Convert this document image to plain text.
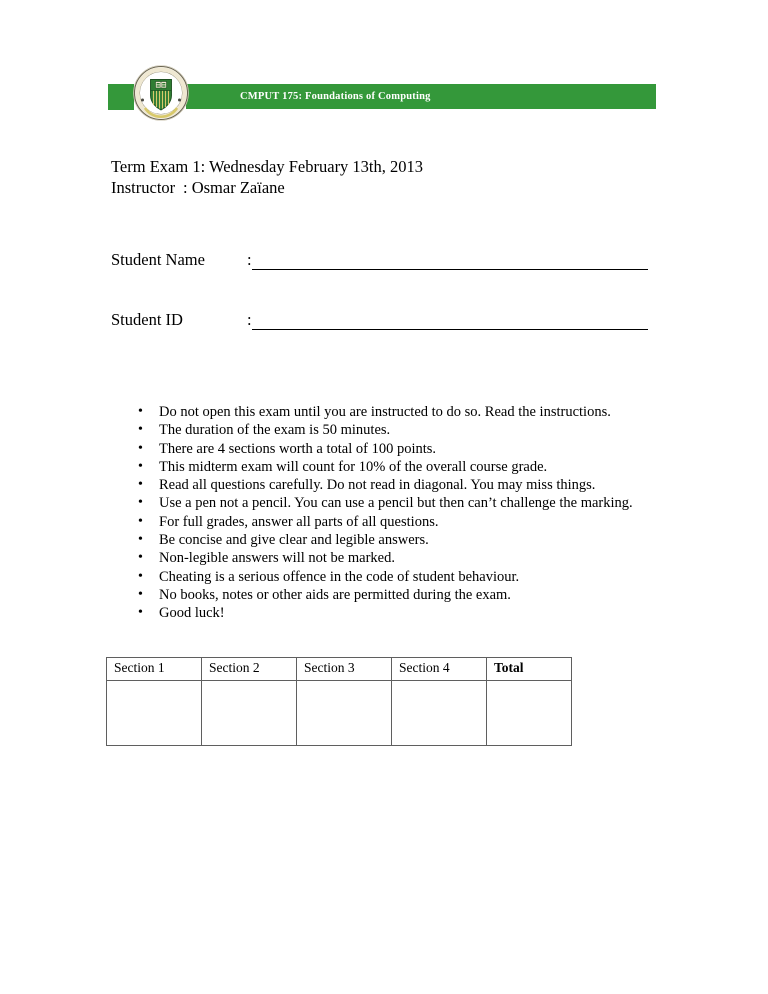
CMPUT 175: Foundations of Computing
Term Exam 1: Wednesday February 13th, 2013
Instructor : Osmar Zaïane
Student Name	:
Student ID	:
• Do not open this exam until you are instructed to do so. Read the instructions.
• The duration of the exam is 50 minutes.
• There are 4 sections worth a total of 100 points.
• This midterm exam will count for 10% of the overall course grade.
• Read all questions carefully. Do not read in diagonal. You may miss things.
• Use a pen not a pencil. You can use a pencil but then can’t challenge the marking.
• For full grades, answer all parts of all questions.
• Be concise and give clear and legible answers.
• Non-legible answers will not be marked.
• Cheating is a serious offence in the code of student behaviour.
• No books, notes or other aids are permitted during the exam.
• Good luck!
Section 1	Section 2	Section 3	Section 4	Total
